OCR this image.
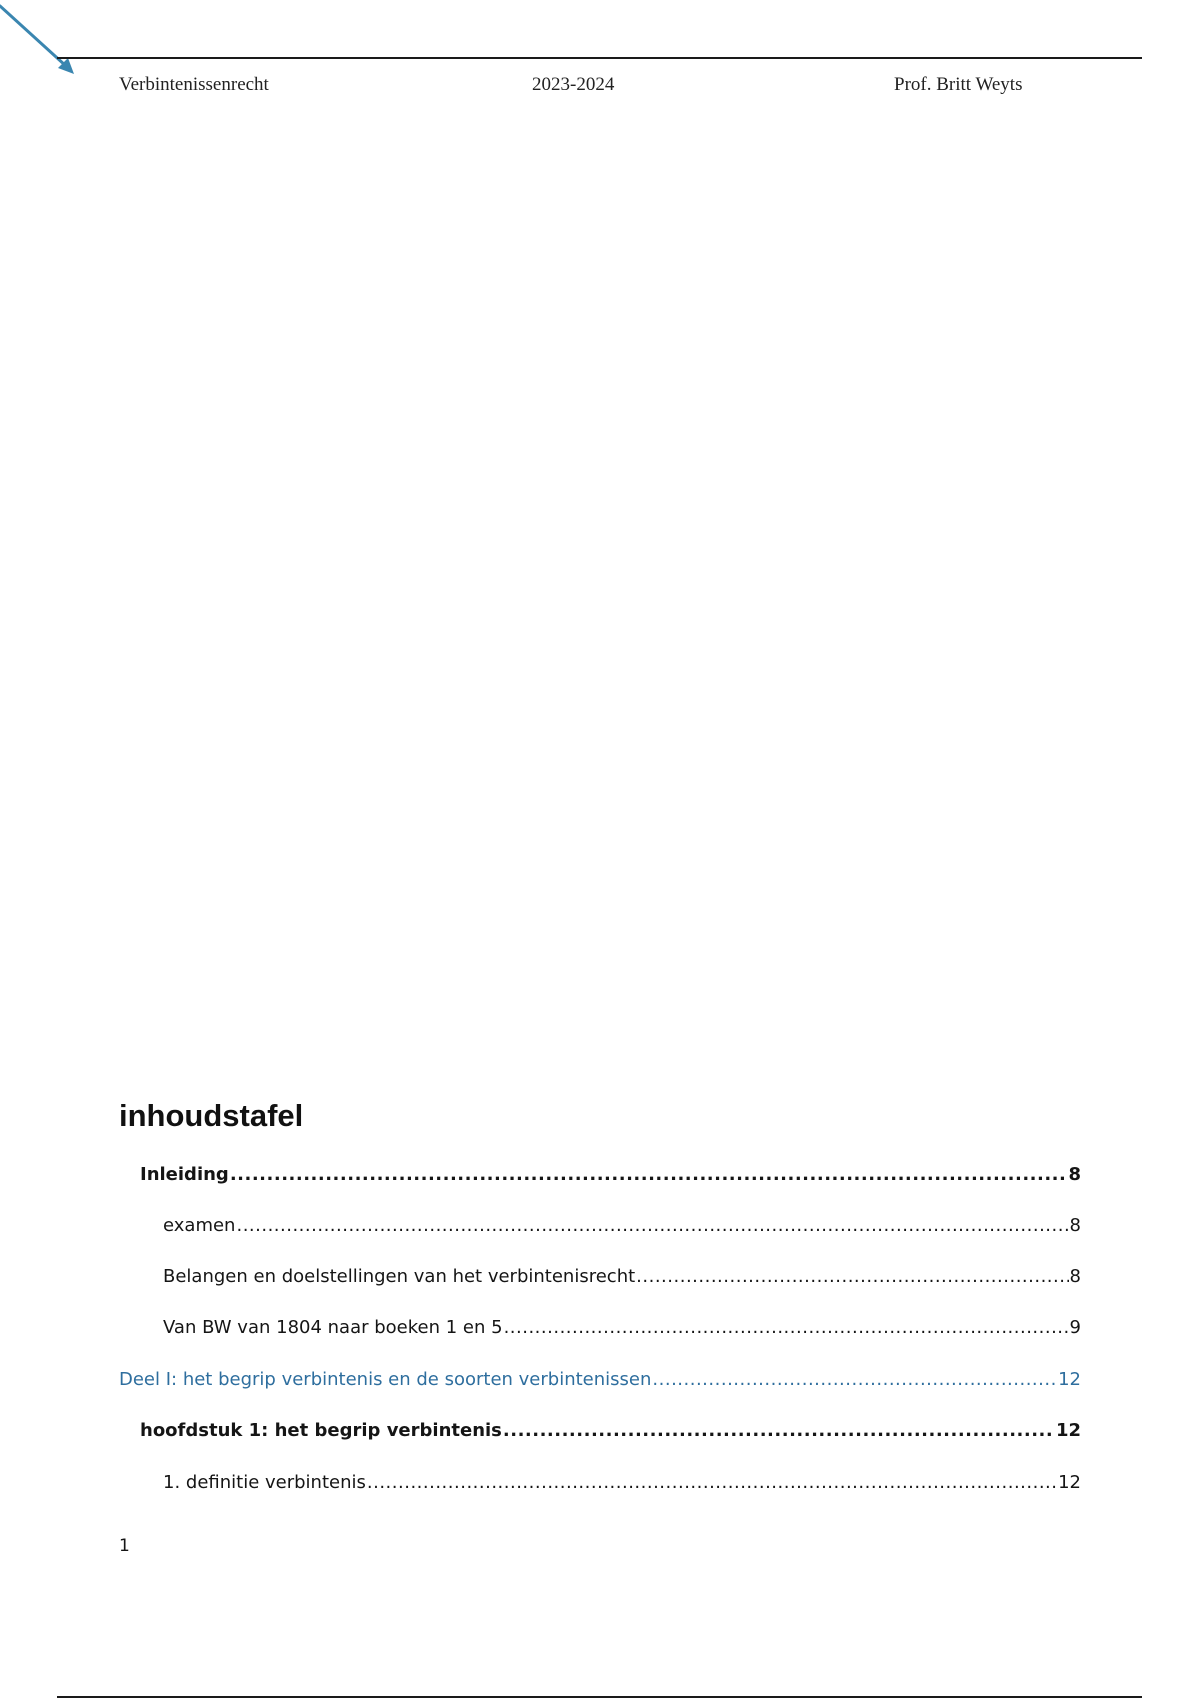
Verbintenissenrecht	2023-2024	Prof. Britt Weyts
inhoudstafel
Inleiding .....	8
examen .....	8
Belangen en doelstellingen van het verbintenisrecht .....	8
Van BW van 1804 naar boeken 1 en 5 .....	9
Deel I: het begrip verbintenis en de soorten verbintenissen .....	12
hoofdstuk 1: het begrip verbintenis .....	12
1. definitie verbintenis .....	12
1
